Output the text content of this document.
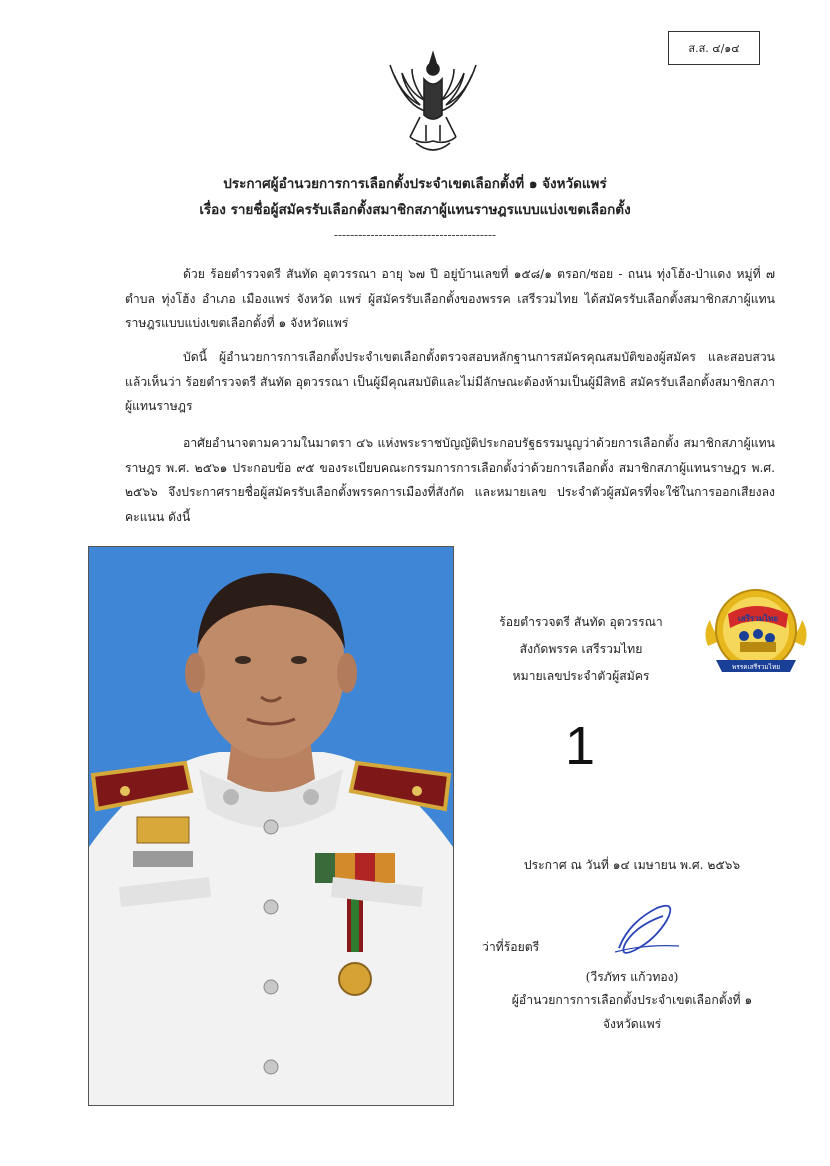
ส.ส. ๔/๑๔
ประกาศผู้อำนวยการการเลือกตั้งประจำเขตเลือกตั้งที่ ๑ จังหวัดแพร่
เรื่อง รายชื่อผู้สมัครรับเลือกตั้งสมาชิกสภาผู้แทนราษฎรแบบแบ่งเขตเลือกตั้ง
----------------------------------------
ด้วย ร้อยตำรวจตรี สันทัด อุตวรรณา อายุ ๖๗ ปี อยู่บ้านเลขที่ ๑๕๘/๑ ตรอก/ซอย - ถนน ทุ่งโฮ้ง-ป่าแดง หมู่ที่ ๗ ตำบล ทุ่งโฮ้ง อำเภอ เมืองแพร่ จังหวัด แพร่ ผู้สมัครรับเลือกตั้งของพรรค เสรีรวมไทย ได้สมัครรับเลือกตั้งสมาชิกสภาผู้แทนราษฎรแบบแบ่งเขตเลือกตั้งที่ ๑ จังหวัดแพร่
บัดนี้ ผู้อำนวยการการเลือกตั้งประจำเขตเลือกตั้งตรวจสอบหลักฐานการสมัครคุณสมบัติของผู้สมัคร และสอบสวนแล้วเห็นว่า ร้อยตำรวจตรี สันทัด อุตวรรณา เป็นผู้มีคุณสมบัติและไม่มีลักษณะต้องห้ามเป็นผู้มีสิทธิ สมัครรับเลือกตั้งสมาชิกสภาผู้แทนราษฎร
อาศัยอำนาจตามความในมาตรา ๔๖ แห่งพระราชบัญญัติประกอบรัฐธรรมนูญว่าด้วยการเลือกตั้ง สมาชิกสภาผู้แทนราษฎร พ.ศ. ๒๕๖๑ ประกอบข้อ ๙๕ ของระเบียบคณะกรรมการการเลือกตั้งว่าด้วยการเลือกตั้ง สมาชิกสภาผู้แทนราษฎร พ.ศ. ๒๕๖๖ จึงประกาศรายชื่อผู้สมัครรับเลือกตั้งพรรคการเมืองที่สังกัด และหมายเลข ประจำตัวผู้สมัครที่จะใช้ในการออกเสียงลงคะแนน ดังนี้
ร้อยตำรวจตรี สันทัด อุตวรรณา
สังกัดพรรค เสรีรวมไทย
หมายเลขประจำตัวผู้สมัคร
1
เสรีรวมไทย
พรรคเสรีรวมไทย
ประกาศ ณ วันที่ ๑๔ เมษายน พ.ศ. ๒๕๖๖
ว่าที่ร้อยตรี
(วีรภัทร แก้วทอง)
ผู้อำนวยการการเลือกตั้งประจำเขตเลือกตั้งที่ ๑
จังหวัดแพร่
